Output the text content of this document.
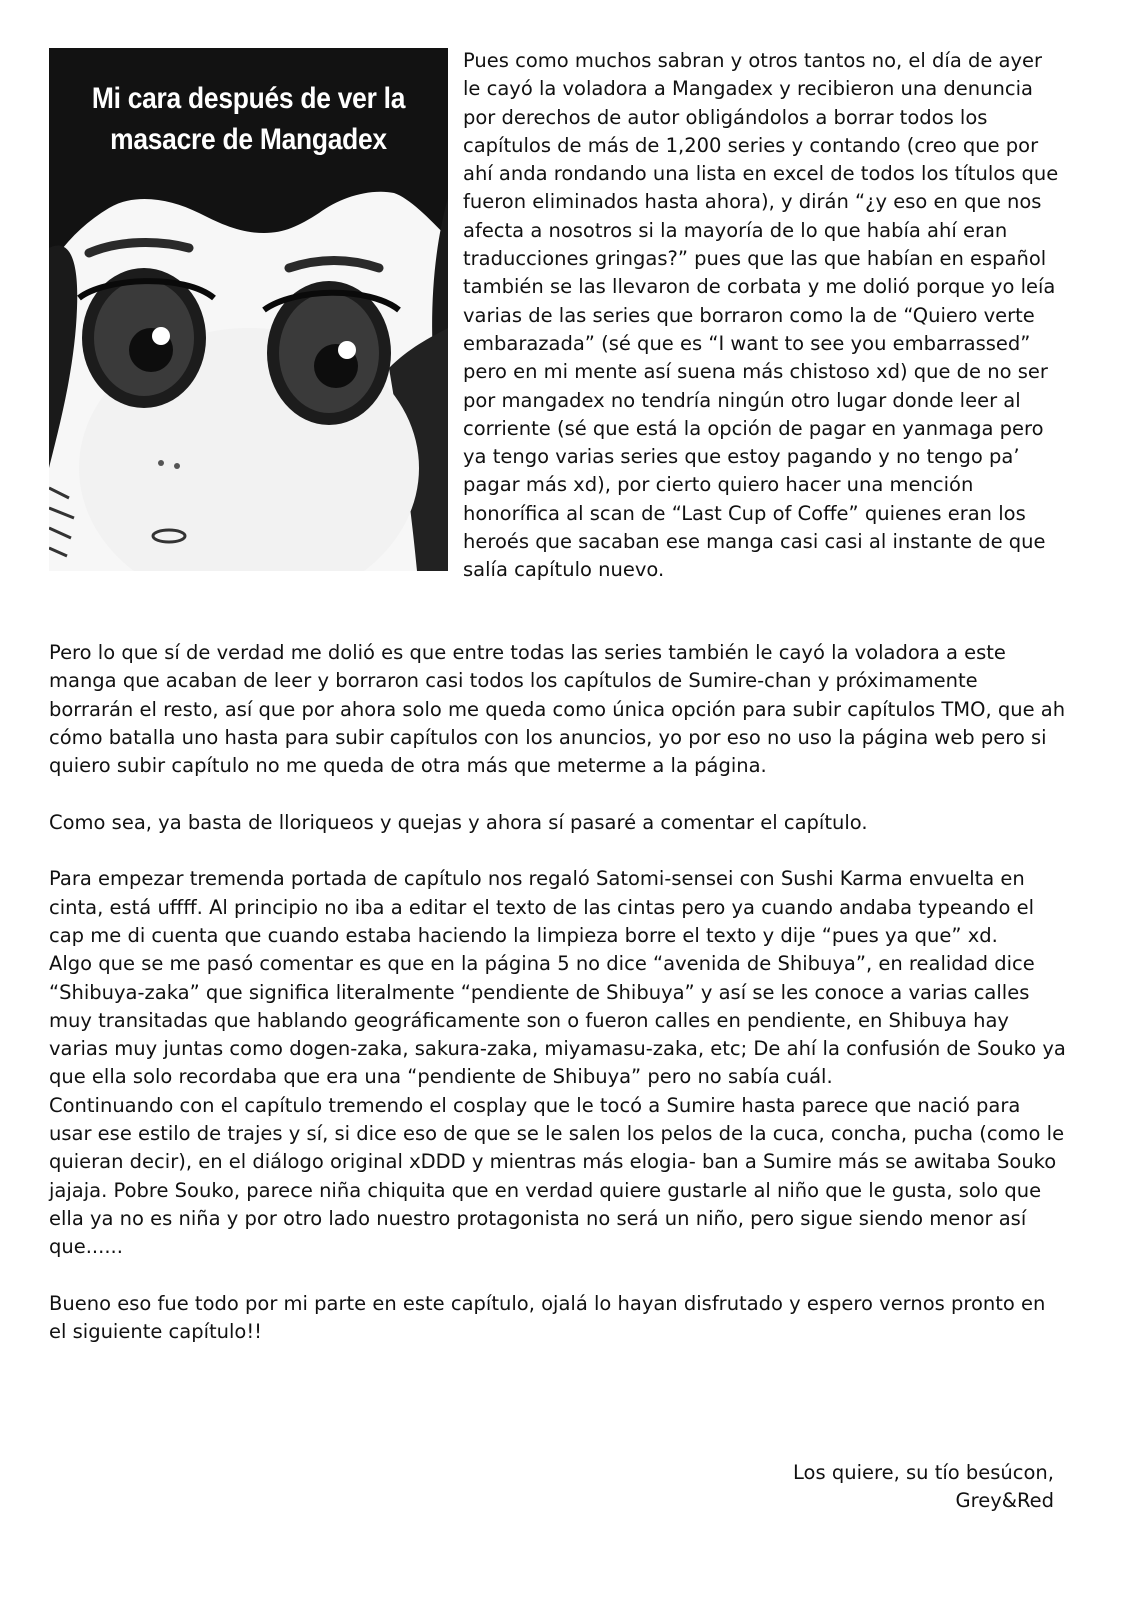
Mi cara después de ver la masacre de Mangadex

Pues como muchos sabran y otros tantos no, el día de ayer le cayó la voladora a Mangadex y recibieron una denuncia por derechos de autor obligándolos a borrar todos los capítulos de más de 1,200 series y contando (creo que por ahí anda rondando una lista en excel de todos los títulos que fueron eliminados hasta ahora), y dirán “¿y eso en que nos afecta a nosotros si la mayoría de lo que había ahí eran traducciones gringas?” pues que las que habían en español también se las llevaron de corbata y me dolió porque yo leía varias de las series que borraron como la de “Quiero verte embarazada” (sé que es “I want to see you embarrassed” pero en mi mente así suena más chistoso xd) que de no ser por mangadex no tendría ningún otro lugar donde leer al corriente (sé que está la opción de pagar en yanmaga pero ya tengo varias series que estoy pagando y no tengo pa’ pagar más xd), por cierto quiero hacer una mención honorífica al scan de “Last Cup of Coffe” quienes eran los heroés que sacaban ese manga casi casi al instante de que salía capítulo nuevo.

Pero lo que sí de verdad me dolió es que entre todas las series también le cayó la voladora a este manga que acaban de leer y borraron casi todos los capítulos de Sumire-chan y próximamente borrarán el resto, así que por ahora solo me queda como única opción para subir capítulos TMO, que ah cómo batalla uno hasta para subir capítulos con los anuncios, yo por eso no uso la página web pero si quiero subir capítulo no me queda de otra más que meterme a la página.

Como sea, ya basta de lloriqueos y quejas y ahora sí pasaré a comentar el capítulo.

Para empezar tremenda portada de capítulo nos regaló Satomi-sensei con Sushi Karma envuelta en cinta, está uffff. Al principio no iba a editar el texto de las cintas pero ya cuando andaba typeando el cap me di cuenta que cuando estaba haciendo la limpieza borre el texto y dije “pues ya que” xd.

Algo que se me pasó comentar es que en la página 5 no dice “avenida de Shibuya”, en realidad dice “Shibuya-zaka” que significa literalmente “pendiente de Shibuya” y así se les conoce a varias calles muy transitadas que hablando geográficamente son o fueron calles en pendiente, en Shibuya hay varias muy juntas como dogen-zaka, sakura-zaka, miyamasu-zaka, etc; De ahí la confusión de Souko ya que ella solo recordaba que era una “pendiente de Shibuya” pero no sabía cuál.

Continuando con el capítulo tremendo el cosplay que le tocó a Sumire hasta parece que nació para usar ese estilo de trajes y sí, si dice eso de que se le salen los pelos de la cuca, concha, pucha (como le quieran decir), en el diálogo original xDDD y mientras más elogia- ban a Sumire más se awitaba Souko jajaja. Pobre Souko, parece niña chiquita que en verdad quiere gustarle al niño que le gusta, solo que ella ya no es niña y por otro lado nuestro protagonista no será un niño, pero sigue siendo menor así que......

Bueno eso fue todo por mi parte en este capítulo, ojalá lo hayan disfrutado y espero vernos pronto en el siguiente capítulo!!

Los quiere, su tío besúcon,
Grey&Red
